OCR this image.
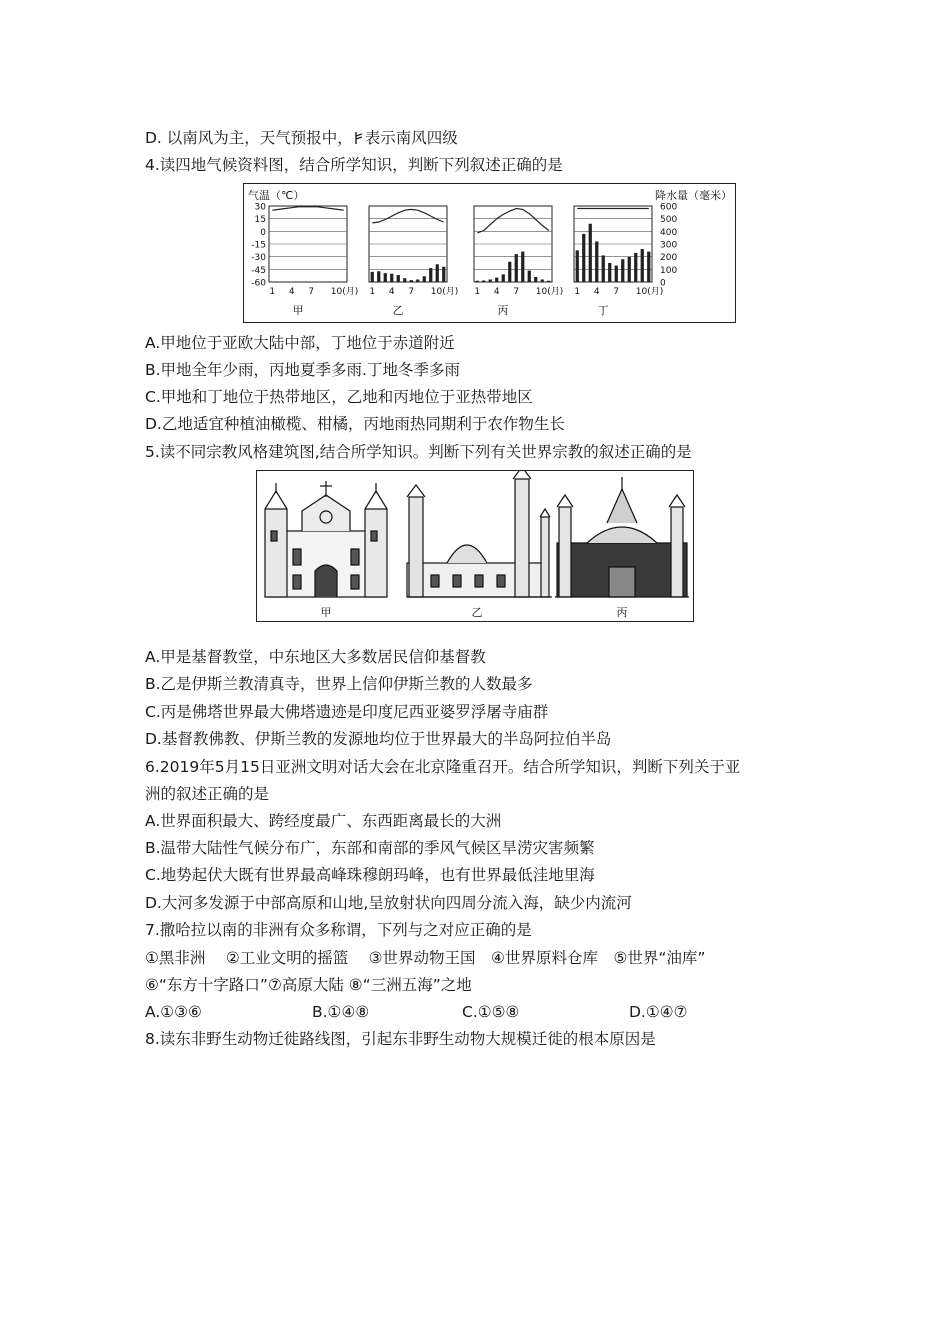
D. 以南风为主，天气预报中， 表示南风四级
4.读四地气候资料图，结合所学知识，判断下列叙述正确的是
气温（℃）	降水量（毫米）
30
15
0
-15
-30
-45
-60
600
500
400
300
200
100
0
1 4 7 10(月)
甲
1 4 7 10(月)
乙
1 4 7 10(月)
丙
1 4 7 10(月)
丁
A.甲地位于亚欧大陆中部，丁地位于赤道附近
B.甲地全年少雨，丙地夏季多雨.丁地冬季多雨
C.甲地和丁地位于热带地区，乙地和丙地位于亚热带地区
D.乙地适宜种植油橄榄、柑橘，丙地雨热同期利于农作物生长
5.读不同宗教风格建筑图,结合所学知识。判断下列有关世界宗教的叙述正确的是
甲	乙	丙
A.甲是基督教堂，中东地区大多数居民信仰基督教
B.乙是伊斯兰教清真寺，世界上信仰伊斯兰教的人数最多
C.丙是佛塔世界最大佛塔遗迹是印度尼西亚婆罗浮屠寺庙群
D.基督教佛教、伊斯兰教的发源地均位于世界最大的半岛阿拉伯半岛
6.2019年5月15日亚洲文明对话大会在北京隆重召开。结合所学知识，判断下列关于亚
洲的叙述正确的是
A.世界面积最大、跨经度最广、东西距离最长的大洲
B.温带大陆性气候分布广，东部和南部的季风气候区旱涝灾害频繁
C.地势起伏大既有世界最高峰珠穆朗玛峰，也有世界最低洼地里海
D.大河多发源于中部高原和山地,呈放射状向四周分流入海，缺少内流河
7.撒哈拉以南的非洲有众多称谓，下列与之对应正确的是
①黑非洲　 ②工业文明的摇篮　 ③世界动物王国　④世界原料仓库　⑤世界“油库”
⑥“东方十字路口”⑦高原大陆 ⑧“三洲五海”之地
A.①③⑥	B.①④⑧	C.①⑤⑧	D.①④⑦
8.读东非野生动物迁徙路线图，引起东非野生动物大规模迁徙的根本原因是
